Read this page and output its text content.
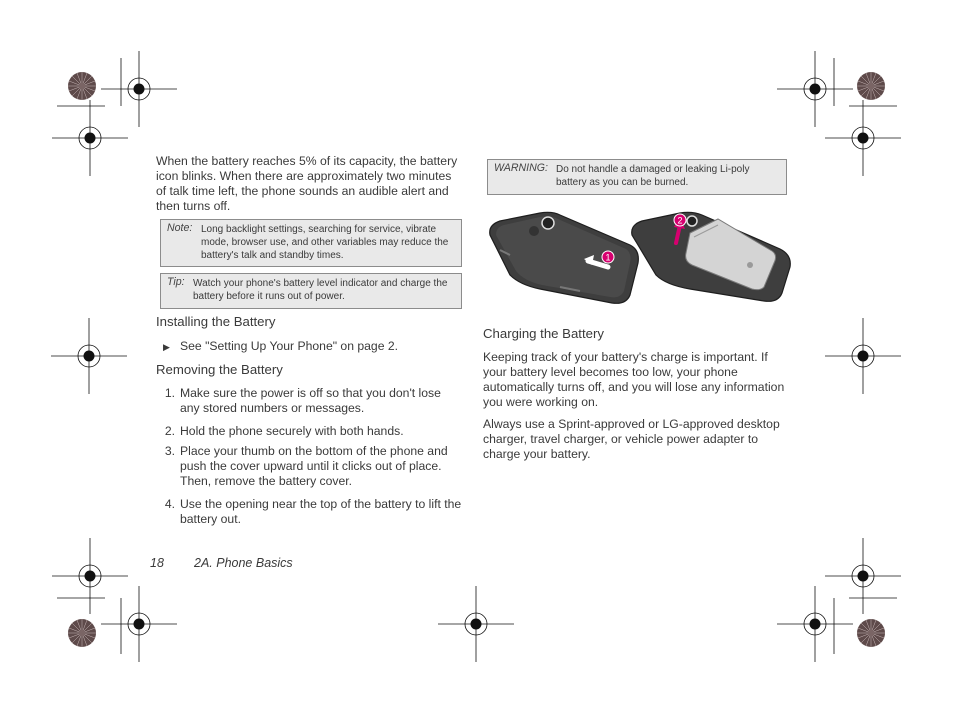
When the battery reaches 5% of its capacity, the battery icon blinks. When there are approximately two minutes of talk time left, the phone sounds an audible alert and then turns off.

Note: Long backlight settings, searching for service, vibrate mode, browser use, and other variables may reduce the battery's talk and standby times.
Tip: Watch your phone's battery level indicator and charge the battery before it runs out of power.
Installing the Battery
▶ See "Setting Up Your Phone" on page 2.

Removing the Battery
1. Make sure the power is off so that you don't lose any stored numbers or messages.

2. Hold the phone securely with both hands.

3. Place your thumb on the bottom of the phone and push the cover upward until it clicks out of place. Then, remove the battery cover.

4. Use the opening near the top of the battery to lift the battery out.

WARNING: Do not handle a damaged or leaking Li-poly battery as you can be burned.
1
2
Charging the Battery

Keeping track of your battery's charge is important. If your battery level becomes too low, your phone automatically turns off, and you will lose any information you were working on.

Always use a Sprint-approved or LG-approved desktop charger, travel charger, or vehicle power adapter to charge your battery.

18 2A. Phone Basics
